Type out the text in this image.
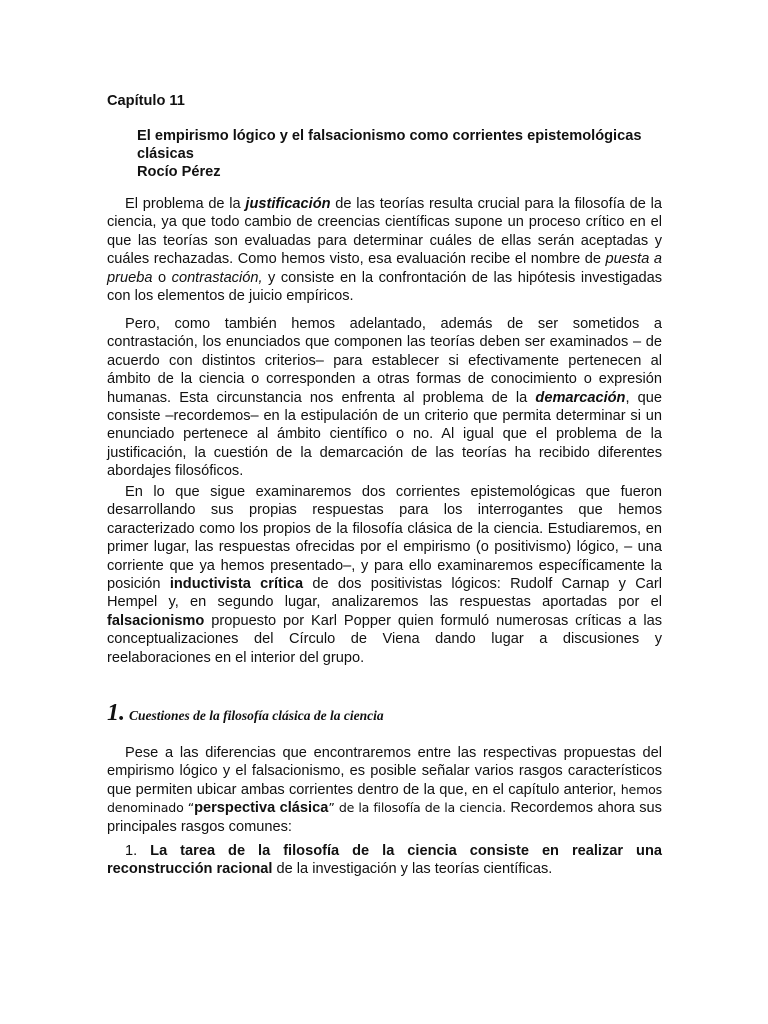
Capítulo 11
El empirismo lógico y el falsacionismo como corrientes epistemológicas
clásicas
Rocío Pérez

El problema de la justificación de las teorías resulta crucial para la filosofía de la ciencia, ya que todo cambio de creencias científicas supone un proceso crítico en el que las teorías son evaluadas para determinar cuáles de ellas serán aceptadas y cuáles rechazadas. Como hemos visto, esa evaluación recibe el nombre de puesta a prueba o contrastación, y consiste en la confrontación de las hipótesis investigadas con los elementos de juicio empíricos.

Pero, como también hemos adelantado, además de ser sometidos a contrastación, los enunciados que componen las teorías deben ser examinados – de acuerdo con distintos criterios– para establecer si efectivamente pertenecen al ámbito de la ciencia o corresponden a otras formas de conocimiento o expresión humanas. Esta circunstancia nos enfrenta al problema de la demarcación, que consiste –recordemos– en la estipulación de un criterio que permita determinar si un enunciado pertenece al ámbito científico o no. Al igual que el problema de la justificación, la cuestión de la demarcación de las teorías ha recibido diferentes abordajes filosóficos.

En lo que sigue examinaremos dos corrientes epistemológicas que fueron desarrollando sus propias respuestas para los interrogantes que hemos caracterizado como los propios de la filosofía clásica de la ciencia. Estudiaremos, en primer lugar, las respuestas ofrecidas por el empirismo (o positivismo) lógico, – una corriente que ya hemos presentado–, y para ello examinaremos específicamente la posición inductivista crítica de dos positivistas lógicos: Rudolf Carnap y Carl Hempel y, en segundo lugar, analizaremos las respuestas aportadas por el falsacionismo propuesto por Karl Popper quien formuló numerosas críticas a las conceptualizaciones del Círculo de Viena dando lugar a discusiones y reelaboraciones en el interior del grupo.

1. Cuestiones de la filosofía clásica de la ciencia

Pese a las diferencias que encontraremos entre las respectivas propuestas del empirismo lógico y el falsacionismo, es posible señalar varios rasgos característicos que permiten ubicar ambas corrientes dentro de la que, en el capítulo anterior, hemos denominado “perspectiva clásica” de la filosofía de la ciencia. Recordemos ahora sus principales rasgos comunes:

1. La tarea de la filosofía de la ciencia consiste en realizar una reconstrucción racional de la investigación y las teorías científicas.
